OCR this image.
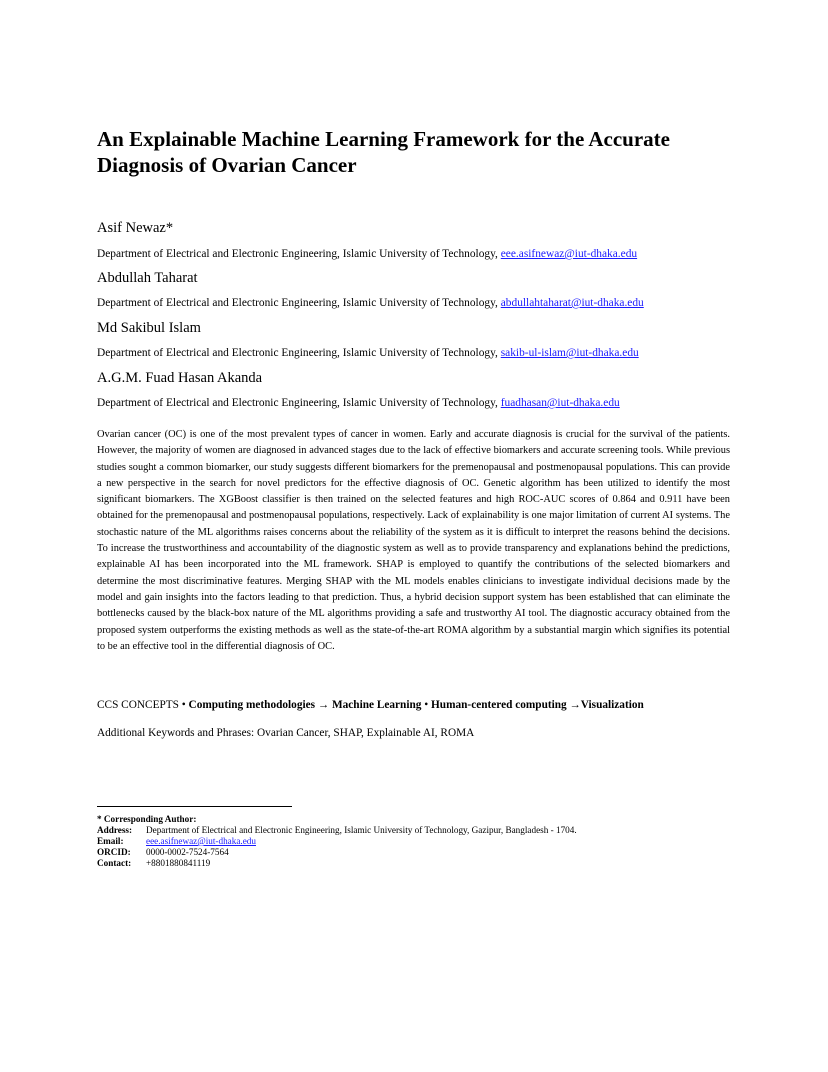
An Explainable Machine Learning Framework for the Accurate Diagnosis of Ovarian Cancer
Asif Newaz*
Department of Electrical and Electronic Engineering, Islamic University of Technology, eee.asifnewaz@iut-dhaka.edu
Abdullah Taharat
Department of Electrical and Electronic Engineering, Islamic University of Technology, abdullahtaharat@iut-dhaka.edu
Md Sakibul Islam
Department of Electrical and Electronic Engineering, Islamic University of Technology, sakib-ul-islam@iut-dhaka.edu
A.G.M. Fuad Hasan Akanda
Department of Electrical and Electronic Engineering, Islamic University of Technology, fuadhasan@iut-dhaka.edu

Ovarian cancer (OC) is one of the most prevalent types of cancer in women. Early and accurate diagnosis is crucial for the survival of the patients. However, the majority of women are diagnosed in advanced stages due to the lack of effective biomarkers and accurate screening tools. While previous studies sought a common biomarker, our study suggests different biomarkers for the premenopausal and postmenopausal populations. This can provide a new perspective in the search for novel predictors for the effective diagnosis of OC. Genetic algorithm has been utilized to identify the most significant biomarkers. The XGBoost classifier is then trained on the selected features and high ROC-AUC scores of 0.864 and 0.911 have been obtained for the premenopausal and postmenopausal populations, respectively. Lack of explainability is one major limitation of current AI systems. The stochastic nature of the ML algorithms raises concerns about the reliability of the system as it is difficult to interpret the reasons behind the decisions. To increase the trustworthiness and accountability of the diagnostic system as well as to provide transparency and explanations behind the predictions, explainable AI has been incorporated into the ML framework. SHAP is employed to quantify the contributions of the selected biomarkers and determine the most discriminative features. Merging SHAP with the ML models enables clinicians to investigate individual decisions made by the model and gain insights into the factors leading to that prediction. Thus, a hybrid decision support system has been established that can eliminate the bottlenecks caused by the black-box nature of the ML algorithms providing a safe and trustworthy AI tool. The diagnostic accuracy obtained from the proposed system outperforms the existing methods as well as the state-of-the-art ROMA algorithm by a substantial margin which signifies its potential to be an effective tool in the differential diagnosis of OC.

CCS CONCEPTS • Computing methodologies → Machine Learning • Human-centered computing →Visualization
Additional Keywords and Phrases: Ovarian Cancer, SHAP, Explainable AI, ROMA
* Corresponding Author:
Address:	Department of Electrical and Electronic Engineering, Islamic University of Technology, Gazipur, Bangladesh - 1704.
Email:	eee.asifnewaz@iut-dhaka.edu
ORCID:	0000-0002-7524-7564
Contact:	+8801880841119
